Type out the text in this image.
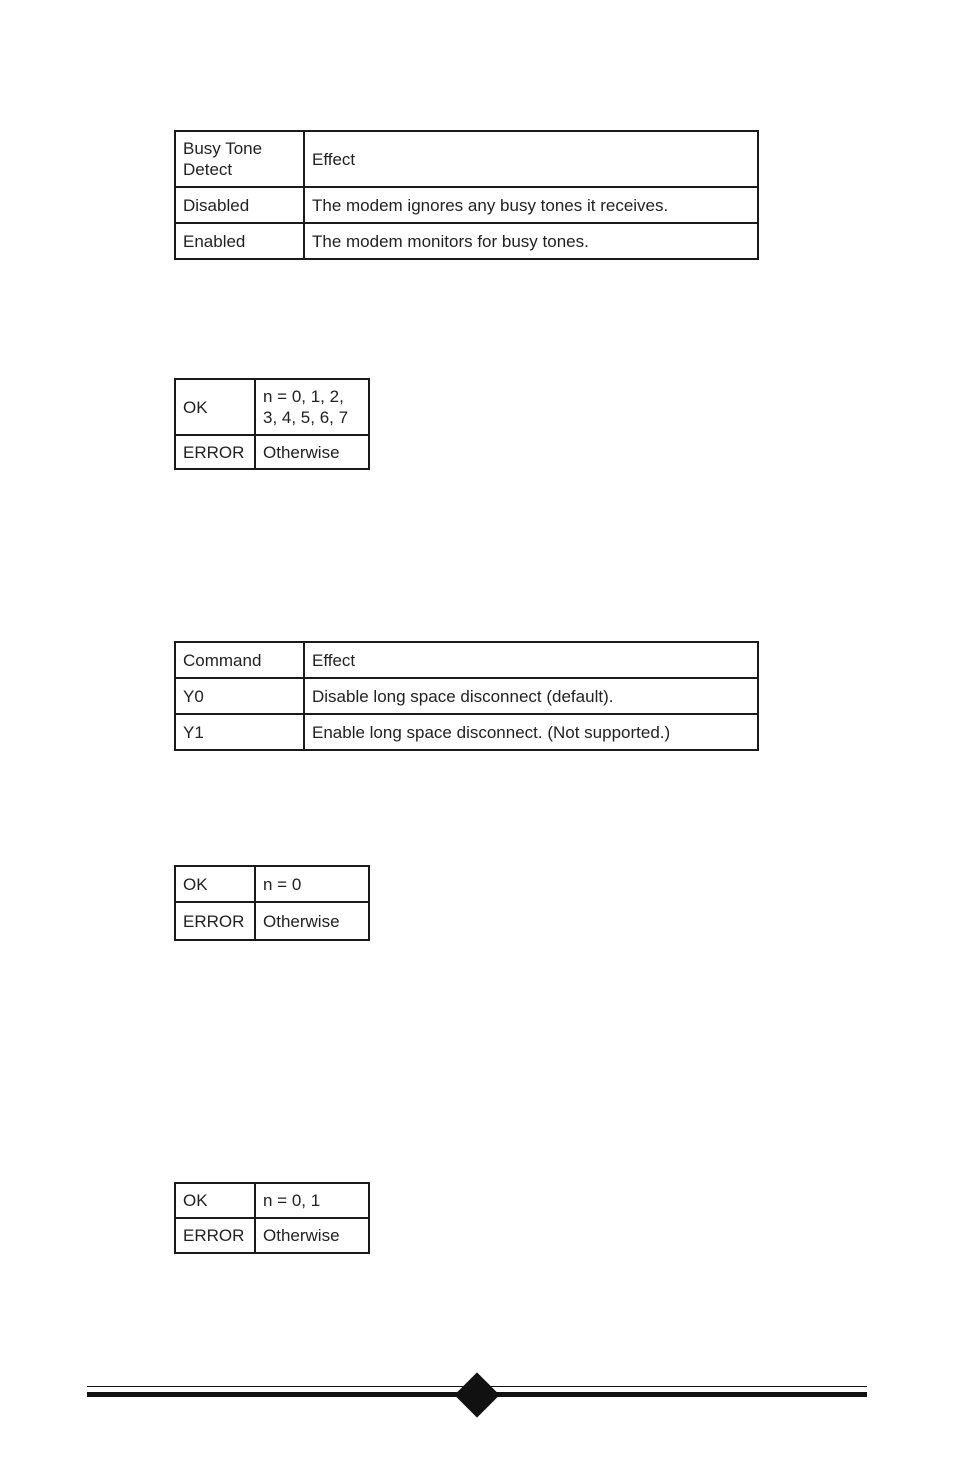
Busy Tone
Detect	Effect
Disabled	The modem ignores any busy tones it receives.
Enabled	The modem monitors for busy tones.
OK	n = 0, 1, 2,
3, 4, 5, 6, 7
ERROR	Otherwise
Command	Effect
Y0	Disable long space disconnect (default).
Y1	Enable long space disconnect. (Not supported.)
OK	n = 0
ERROR	Otherwise
OK	n = 0, 1
ERROR	Otherwise
